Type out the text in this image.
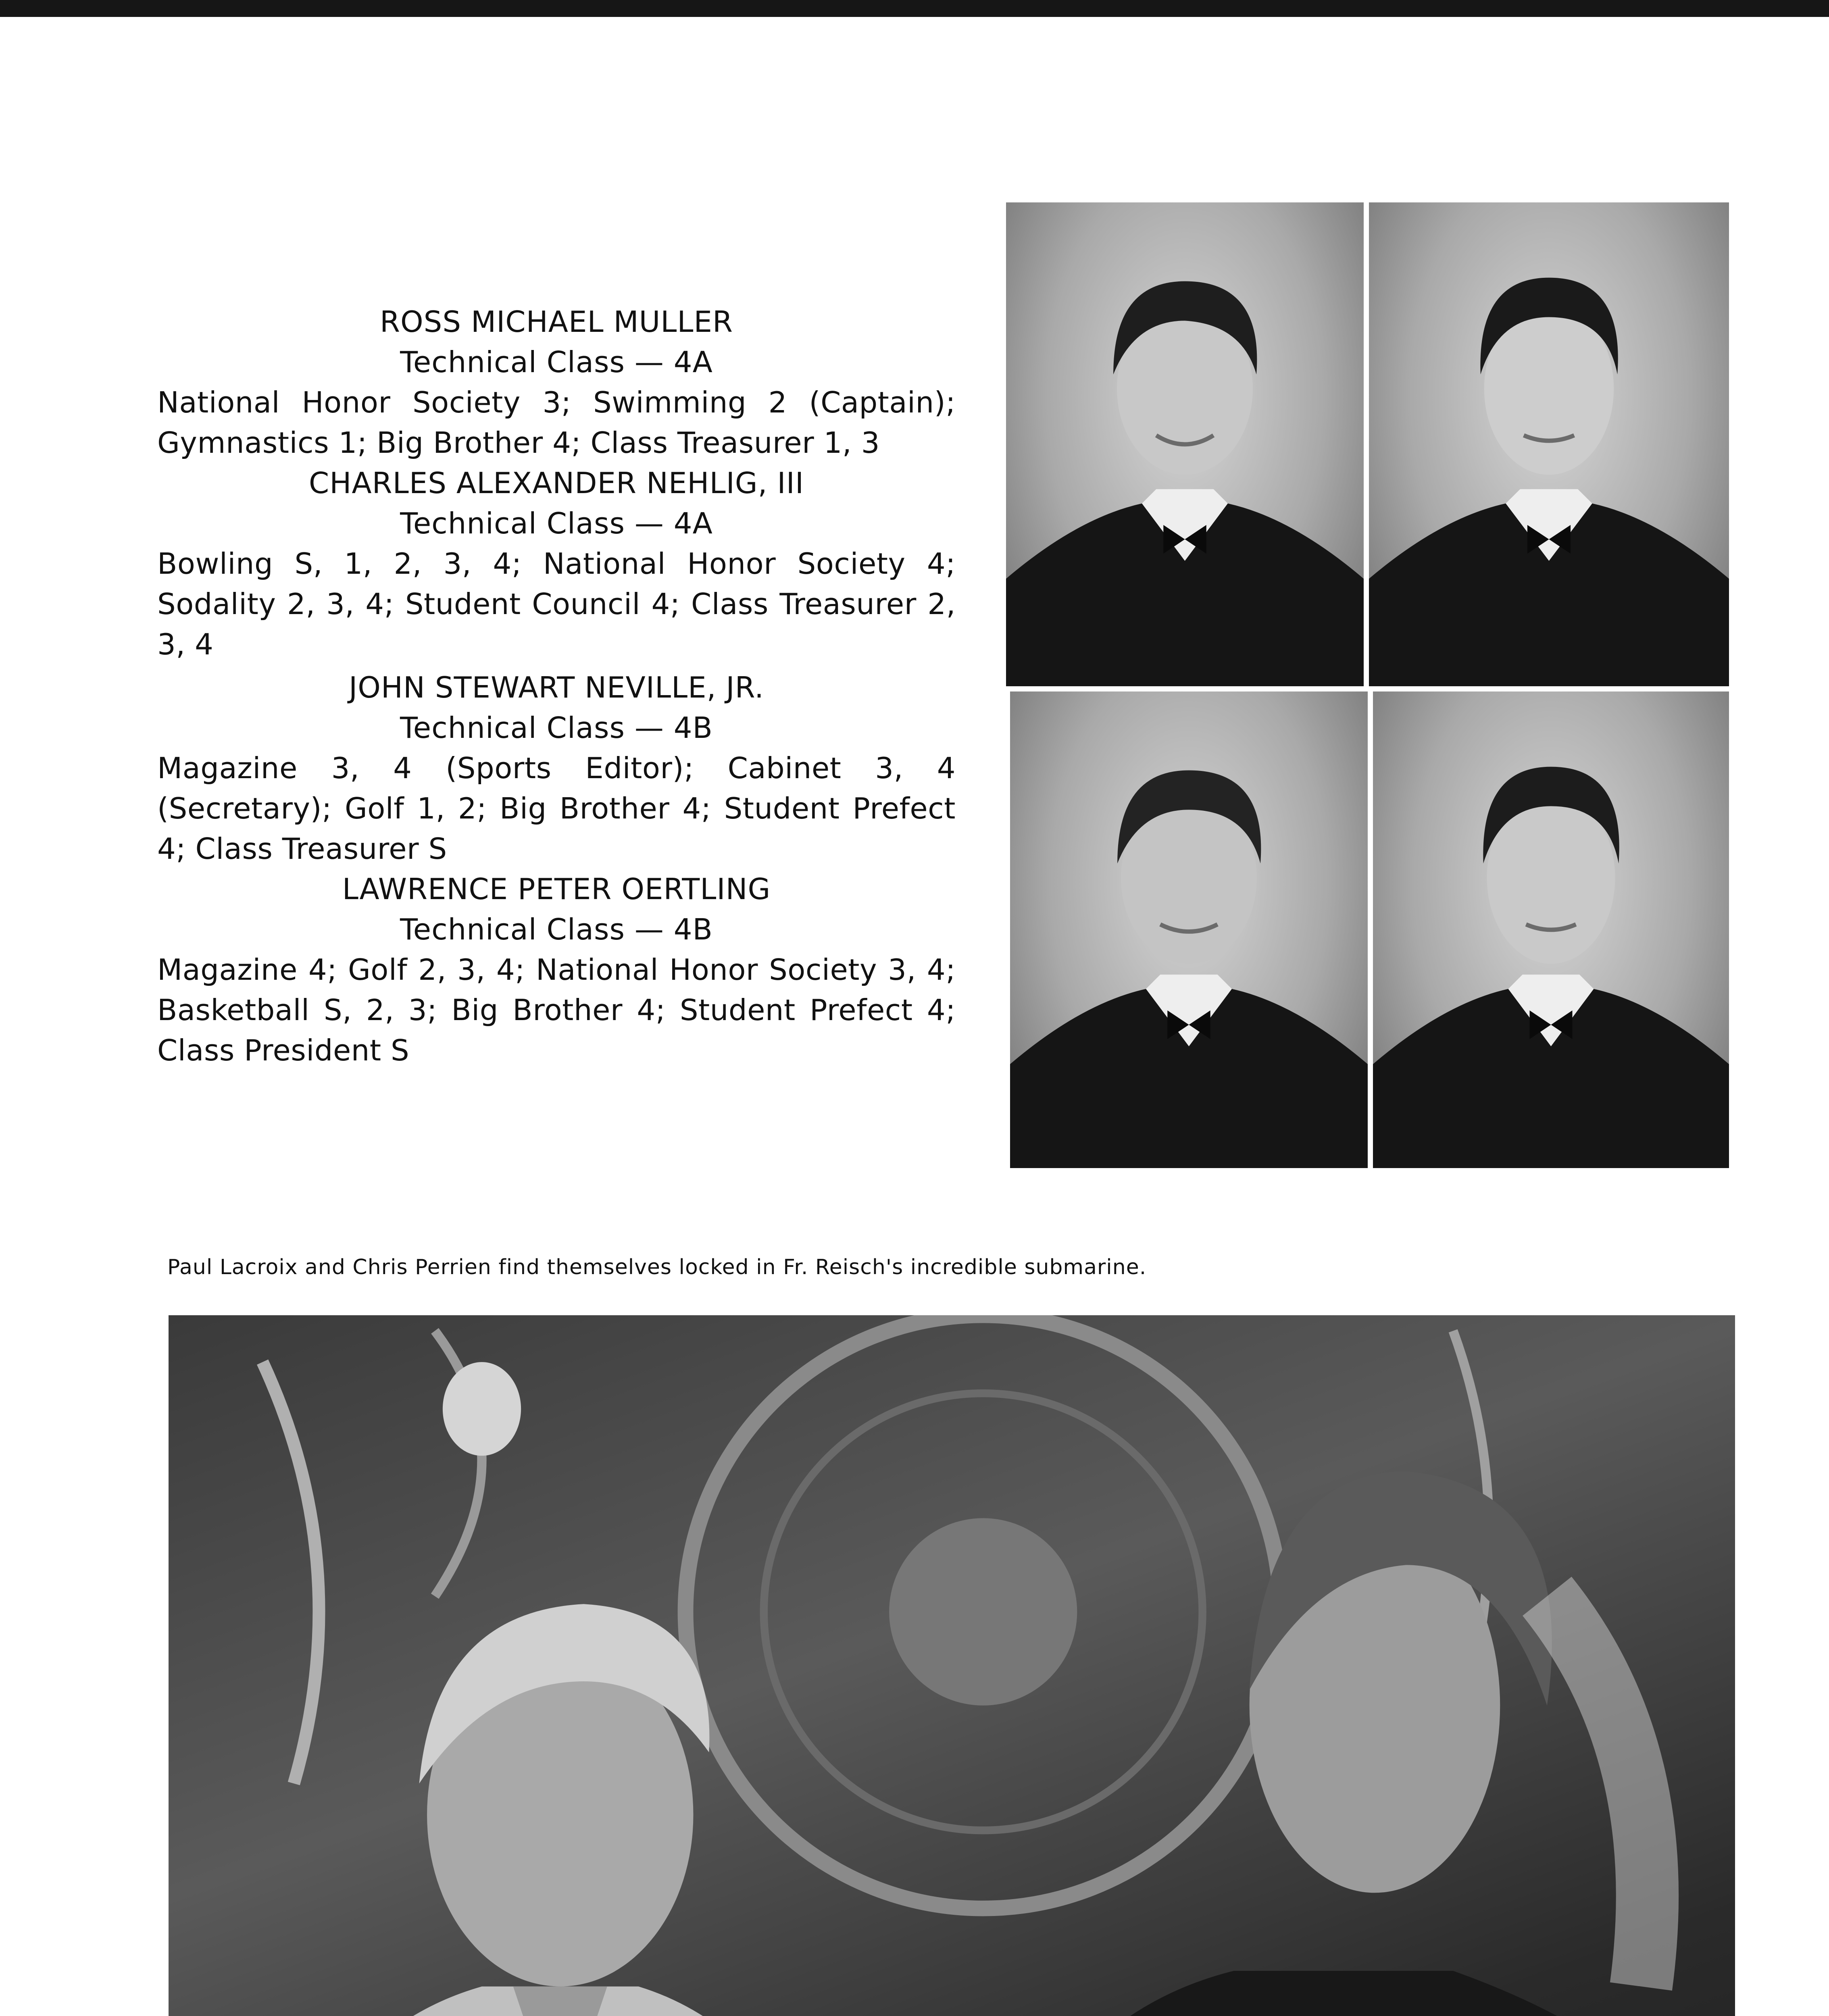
ROSS MICHAEL MULLER
Technical Class — 4A
National Honor Society 3; Swimming 2 (Captain); Gymnastics 1; Big Brother 4; Class Treasurer 1, 3
CHARLES ALEXANDER NEHLIG, III
Technical Class — 4A
Bowling S, 1, 2, 3, 4; National Honor Society 4; Sodality 2, 3, 4; Student Council 4; Class Treasurer 2, 3, 4
JOHN STEWART NEVILLE, JR.
Technical Class — 4B
Magazine 3, 4 (Sports Editor); Cabinet 3, 4 (Secretary); Golf 1, 2; Big Brother 4; Student Prefect 4; Class Treasurer S
LAWRENCE PETER OERTLING
Technical Class — 4B
Magazine 4; Golf 2, 3, 4; National Honor Society 3, 4; Basketball S, 2, 3; Big Brother 4; Student Prefect 4; Class President S
Paul Lacroix and Chris Perrien find themselves locked in Fr. Reisch's incredible submarine.
